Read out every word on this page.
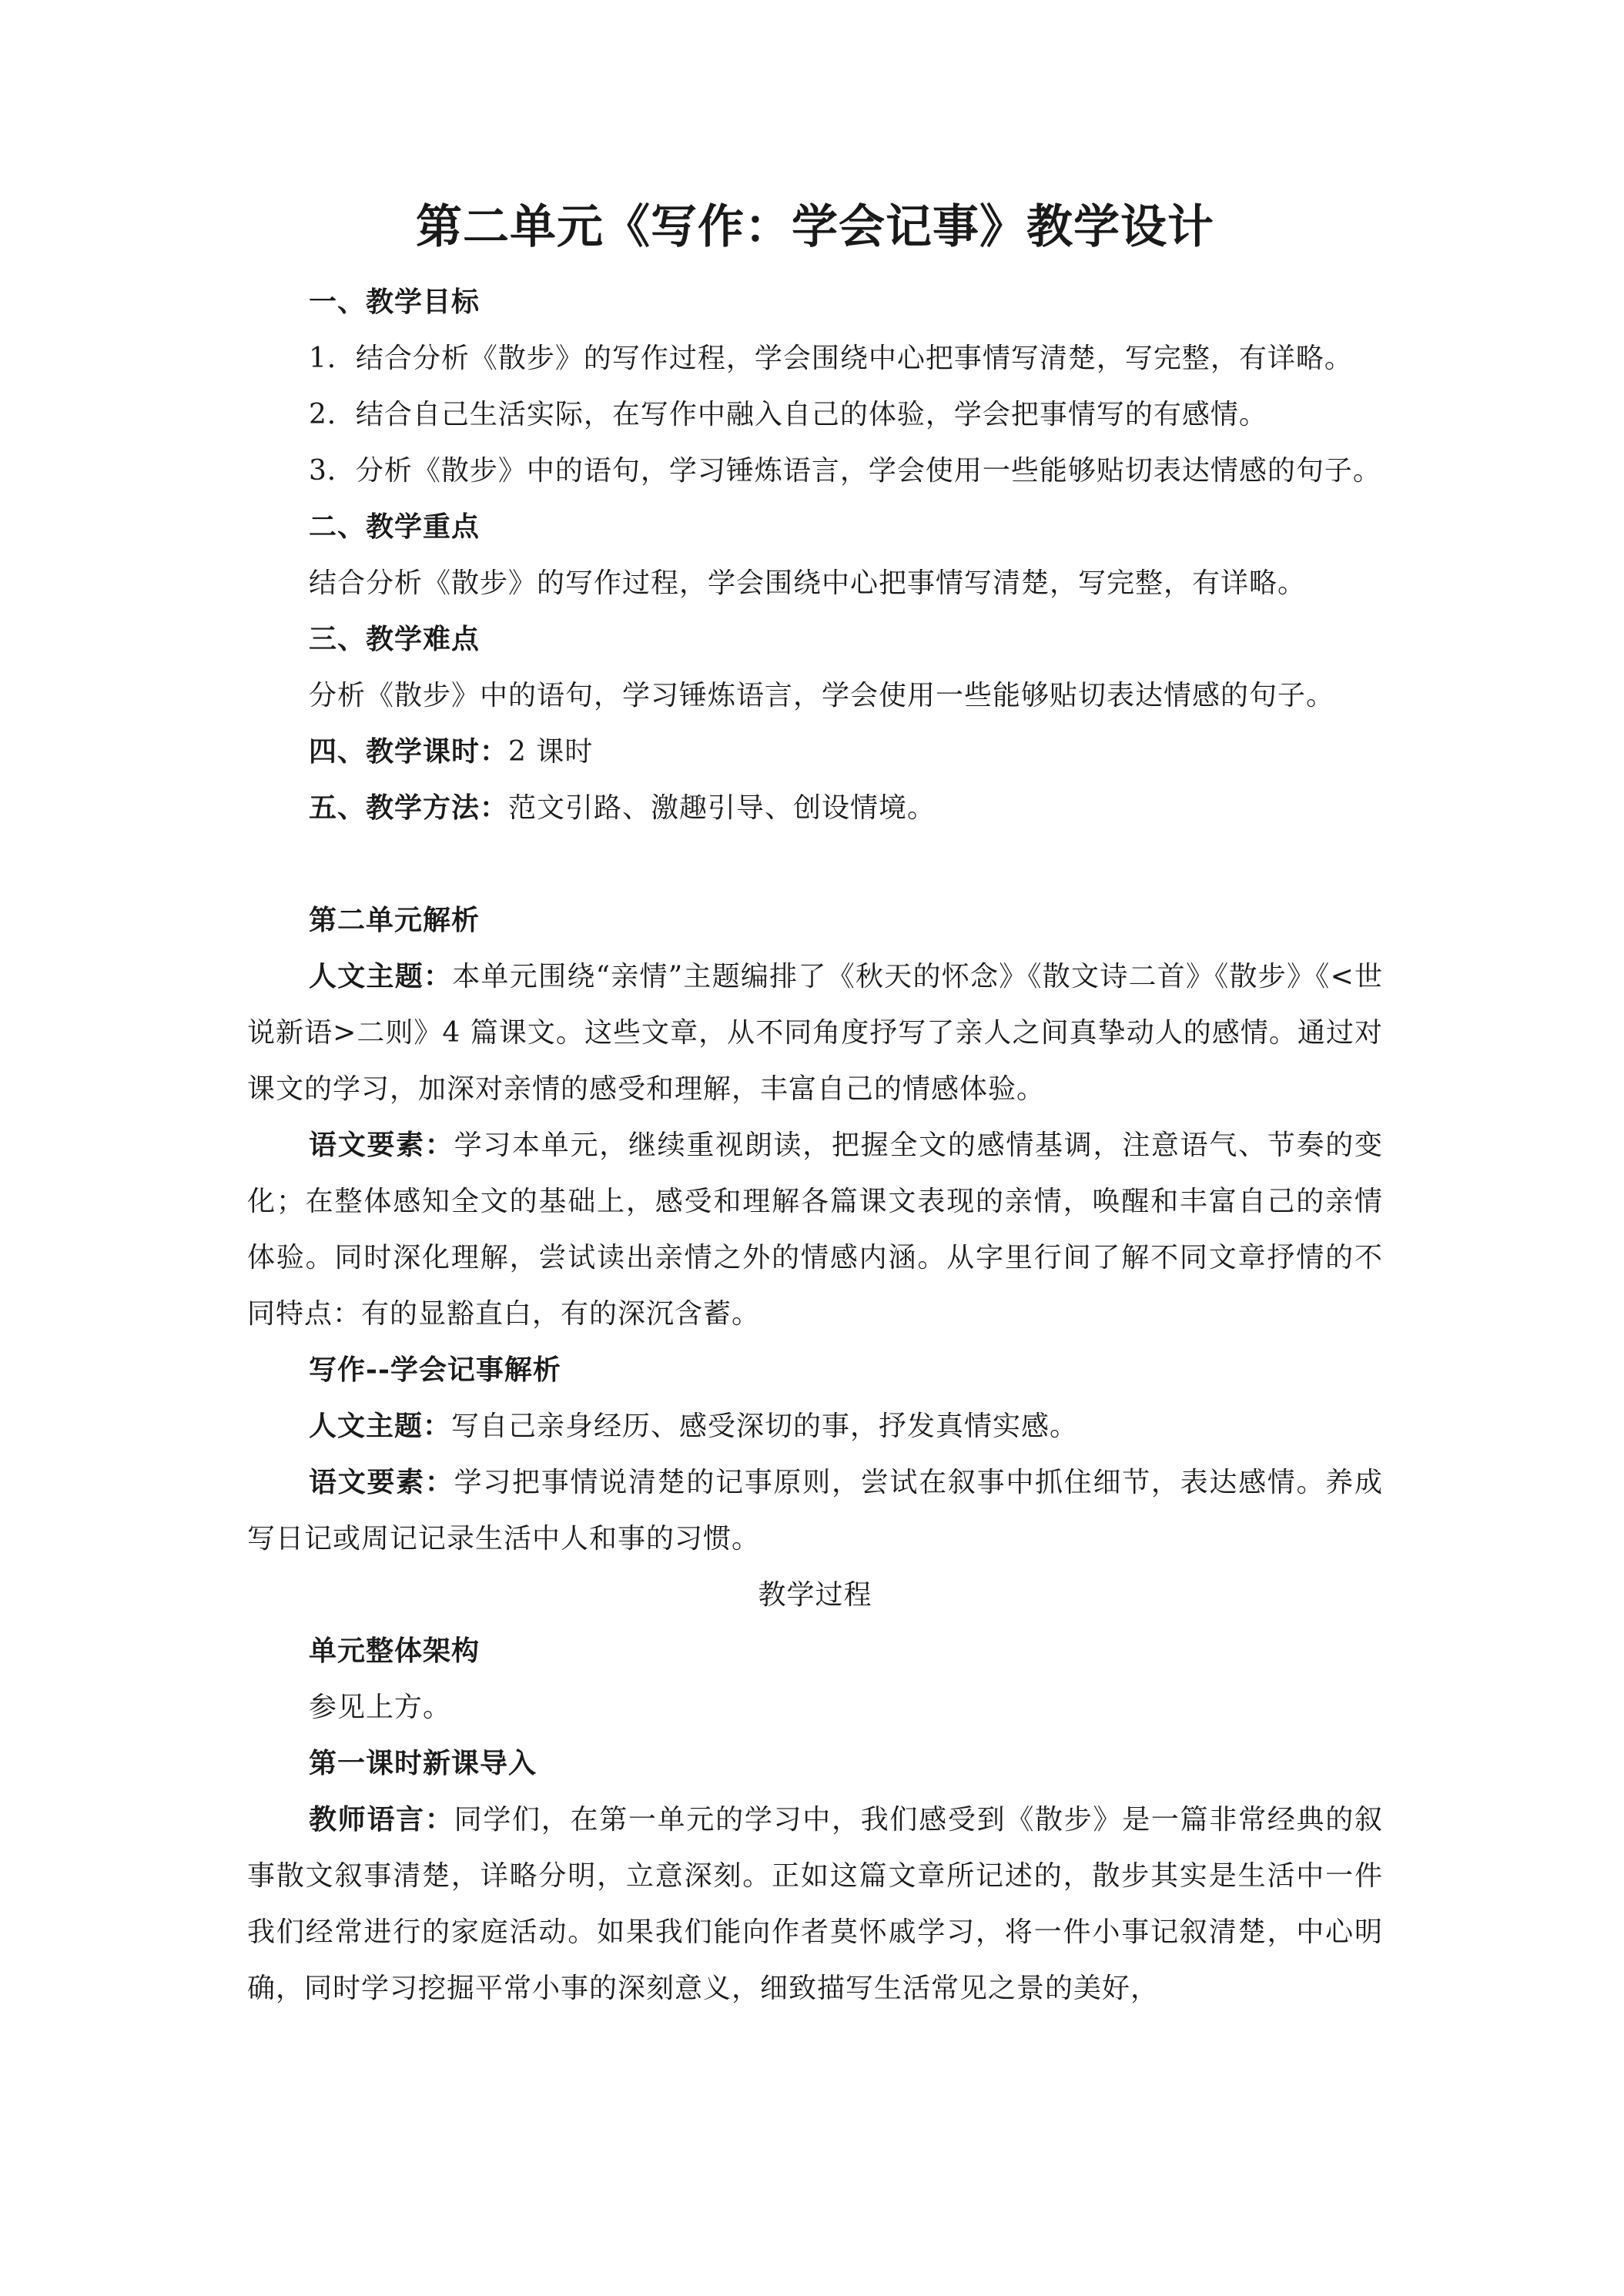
第二单元《写作：学会记事》教学设计

一、教学目标

1．结合分析《散步》的写作过程，学会围绕中心把事情写清楚，写完整，有详略。

2．结合自己生活实际，在写作中融入自己的体验，学会把事情写的有感情。

3．分析《散步》中的语句，学习锤炼语言，学会使用一些能够贴切表达情感的句子。

二、教学重点

结合分析《散步》的写作过程，学会围绕中心把事情写清楚，写完整，有详略。

三、教学难点

分析《散步》中的语句，学习锤炼语言，学会使用一些能够贴切表达情感的句子。

四、教学课时：2 课时

五、教学方法：范文引路、激趣引导、创设情境。

第二单元解析

人文主题：本单元围绕“亲情”主题编排了《秋天的怀念》《散文诗二首》《散步》《<世说新语>二则》4 篇课文。这些文章，从不同角度抒写了亲人之间真挚动人的感情。通过对课文的学习，加深对亲情的感受和理解，丰富自己的情感体验。

语文要素：学习本单元，继续重视朗读，把握全文的感情基调，注意语气、节奏的变化；在整体感知全文的基础上，感受和理解各篇课文表现的亲情，唤醒和丰富自己的亲情体验。同时深化理解，尝试读出亲情之外的情感内涵。从字里行间了解不同文章抒情的不同特点：有的显豁直白，有的深沉含蓄。

写作--学会记事解析

人文主题：写自己亲身经历、感受深切的事，抒发真情实感。

语文要素：学习把事情说清楚的记事原则，尝试在叙事中抓住细节，表达感情。养成写日记或周记记录生活中人和事的习惯。

教学过程

单元整体架构

参见上方。

第一课时新课导入

教师语言：同学们，在第一单元的学习中，我们感受到《散步》是一篇非常经典的叙事散文叙事清楚，详略分明，立意深刻。正如这篇文章所记述的，散步其实是生活中一件我们经常进行的家庭活动。如果我们能向作者莫怀戚学习，将一件小事记叙清楚，中心明确，同时学习挖掘平常小事的深刻意义，细致描写生活常见之景的美好，
